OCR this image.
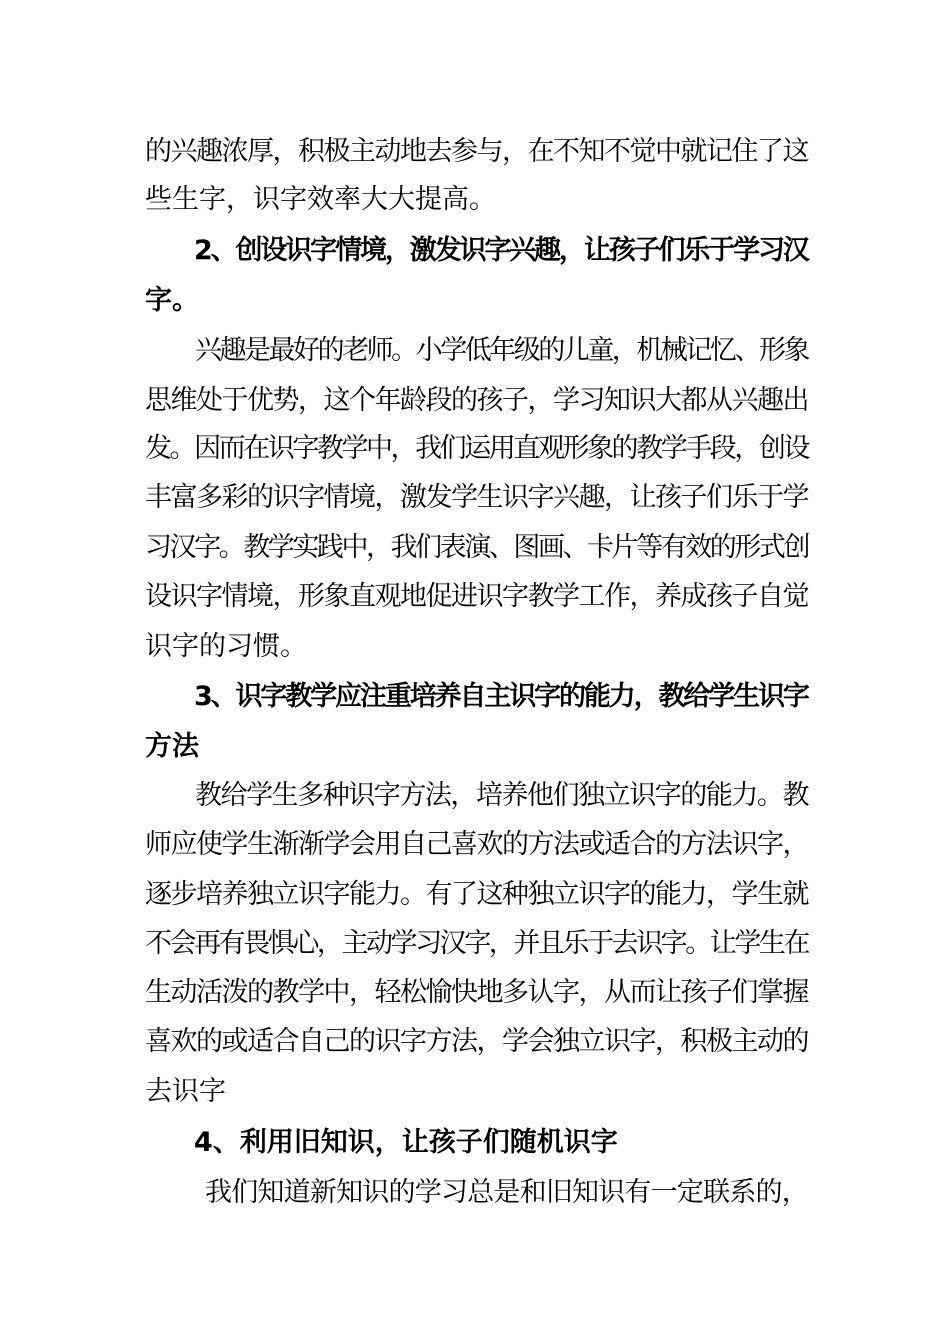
的兴趣浓厚，积极主动地去参与，在不知不觉中就记住了这
些生字，识字效率大大提高。
2、创设识字情境，激发识字兴趣，让孩子们乐于学习汉
字。
兴趣是最好的老师。小学低年级的儿童，机械记忆、形象
思维处于优势，这个年龄段的孩子，学习知识大都从兴趣出
发。因而在识字教学中，我们运用直观形象的教学手段，创设
丰富多彩的识字情境，激发学生识字兴趣，让孩子们乐于学
习汉字。教学实践中，我们表演、图画、卡片等有效的形式创
设识字情境，形象直观地促进识字教学工作，养成孩子自觉
识字的习惯。
3、识字教学应注重培养自主识字的能力，教给学生识字
方法
教给学生多种识字方法，培养他们独立识字的能力。教
师应使学生渐渐学会用自己喜欢的方法或适合的方法识字，
逐步培养独立识字能力。有了这种独立识字的能力，学生就
不会再有畏惧心，主动学习汉字，并且乐于去识字。让学生在
生动活泼的教学中，轻松愉快地多认字，从而让孩子们掌握
喜欢的或适合自己的识字方法，学会独立识字，积极主动的
去识字
4、利用旧知识，让孩子们随机识字
我们知道新知识的学习总是和旧知识有一定联系的，
